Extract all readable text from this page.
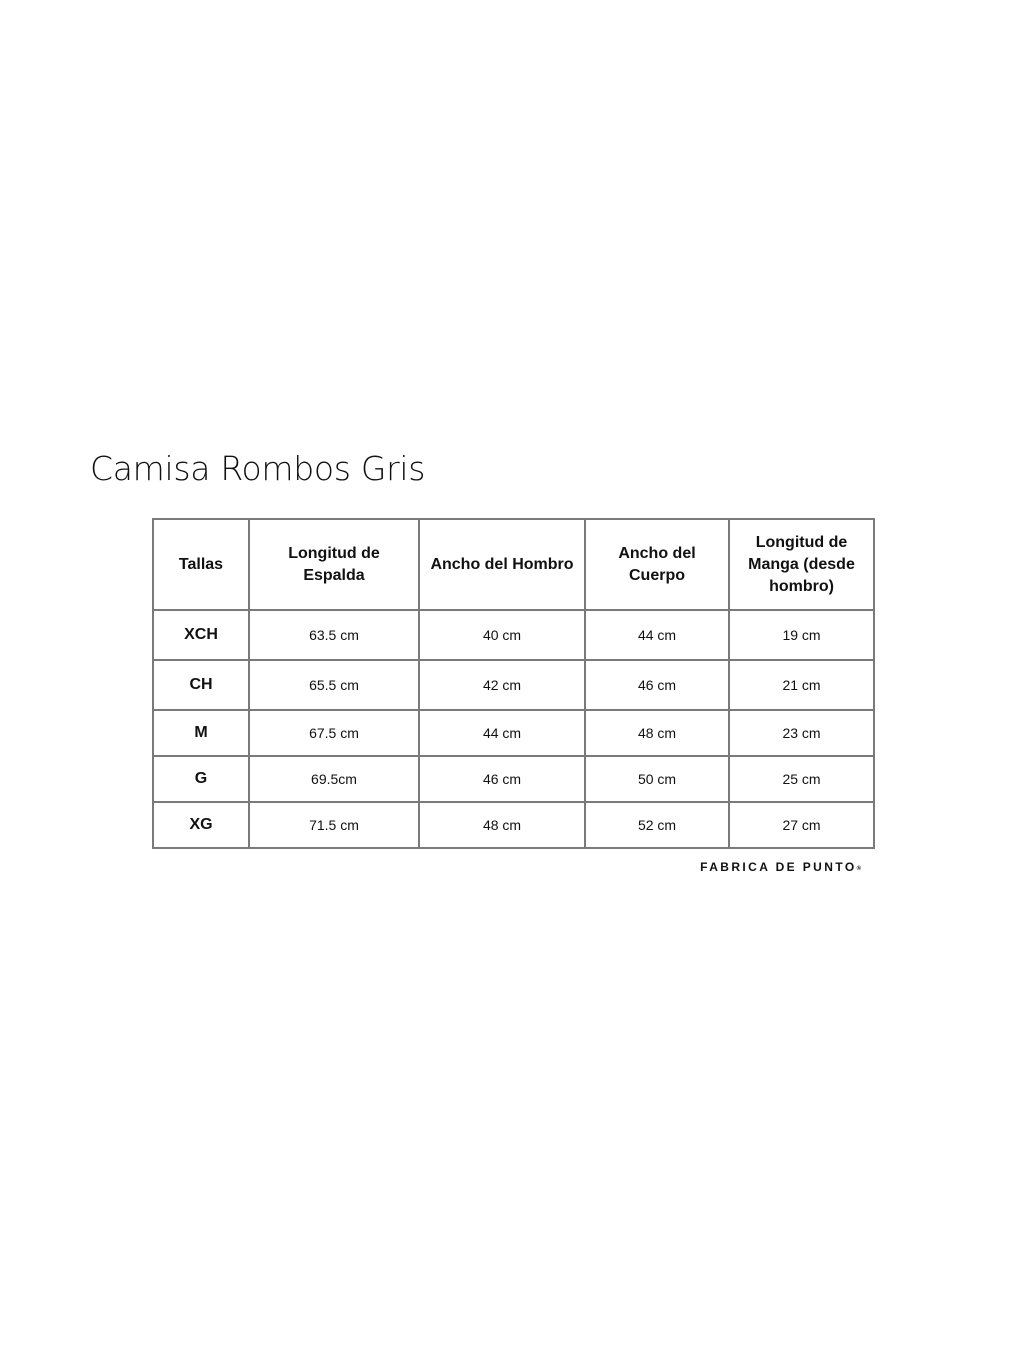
Camisa Rombos Gris
Tallas	Longitud de Espalda	Ancho del Hombro	Ancho del Cuerpo	Longitud de Manga (desde hombro)
XCH	63.5 cm	40 cm	44 cm	19 cm
CH	65.5 cm	42 cm	46 cm	21 cm
M	67.5 cm	44 cm	48 cm	23 cm
G	69.5cm	46 cm	50 cm	25 cm
XG	71.5 cm	48 cm	52 cm	27 cm
FABRICA DE PUNTO®
